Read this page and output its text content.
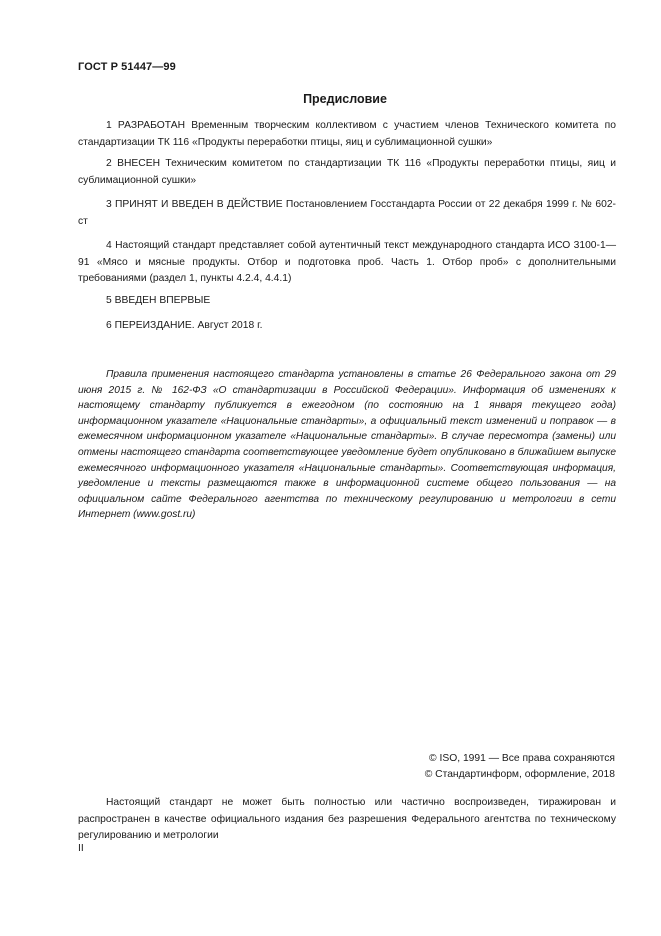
ГОСТ Р 51447—99
Предисловие

1 РАЗРАБОТАН Временным творческим коллективом с участием членов Технического комитета по стандартизации ТК 116 «Продукты переработки птицы, яиц и сублимационной сушки»

2 ВНЕСЕН Техническим комитетом по стандартизации ТК 116 «Продукты переработки птицы, яиц и сублимационной сушки»

3 ПРИНЯТ И ВВЕДЕН В ДЕЙСТВИЕ Постановлением Госстандарта России от 22 декабря 1999 г. № 602-ст

4 Настоящий стандарт представляет собой аутентичный текст международного стандарта ИСО 3100-1—91 «Мясо и мясные продукты. Отбор и подготовка проб. Часть 1. Отбор проб» с дополнительными требованиями (раздел 1, пункты 4.2.4, 4.4.1)

5 ВВЕДЕН ВПЕРВЫЕ

6 ПЕРЕИЗДАНИЕ. Август 2018 г.

Правила применения настоящего стандарта установлены в статье 26 Федерального закона от 29 июня 2015 г. № 162-ФЗ «О стандартизации в Российской Федерации». Информация об изменениях к настоящему стандарту публикуется в ежегодном (по состоянию на 1 января текущего года) информационном указателе «Национальные стандарты», а официальный текст изменений и поправок — в ежемесячном информационном указателе «Национальные стандарты». В случае пересмотра (замены) или отмены настоящего стандарта соответствующее уведомление будет опубликовано в ближайшем выпуске ежемесячного информационного указателя «Национальные стандарты». Соответствующая информация, уведомление и тексты размещаются также в информационной системе общего пользования — на официальном сайте Федерального агентства по техническому регулированию и метрологии в сети Интернет (www.gost.ru)

© ISO, 1991 — Все права сохраняются
© Стандартинформ, оформление, 2018

Настоящий стандарт не может быть полностью или частично воспроизведен, тиражирован и распространен в качестве официального издания без разрешения Федерального агентства по техническому регулированию и метрологии

II
